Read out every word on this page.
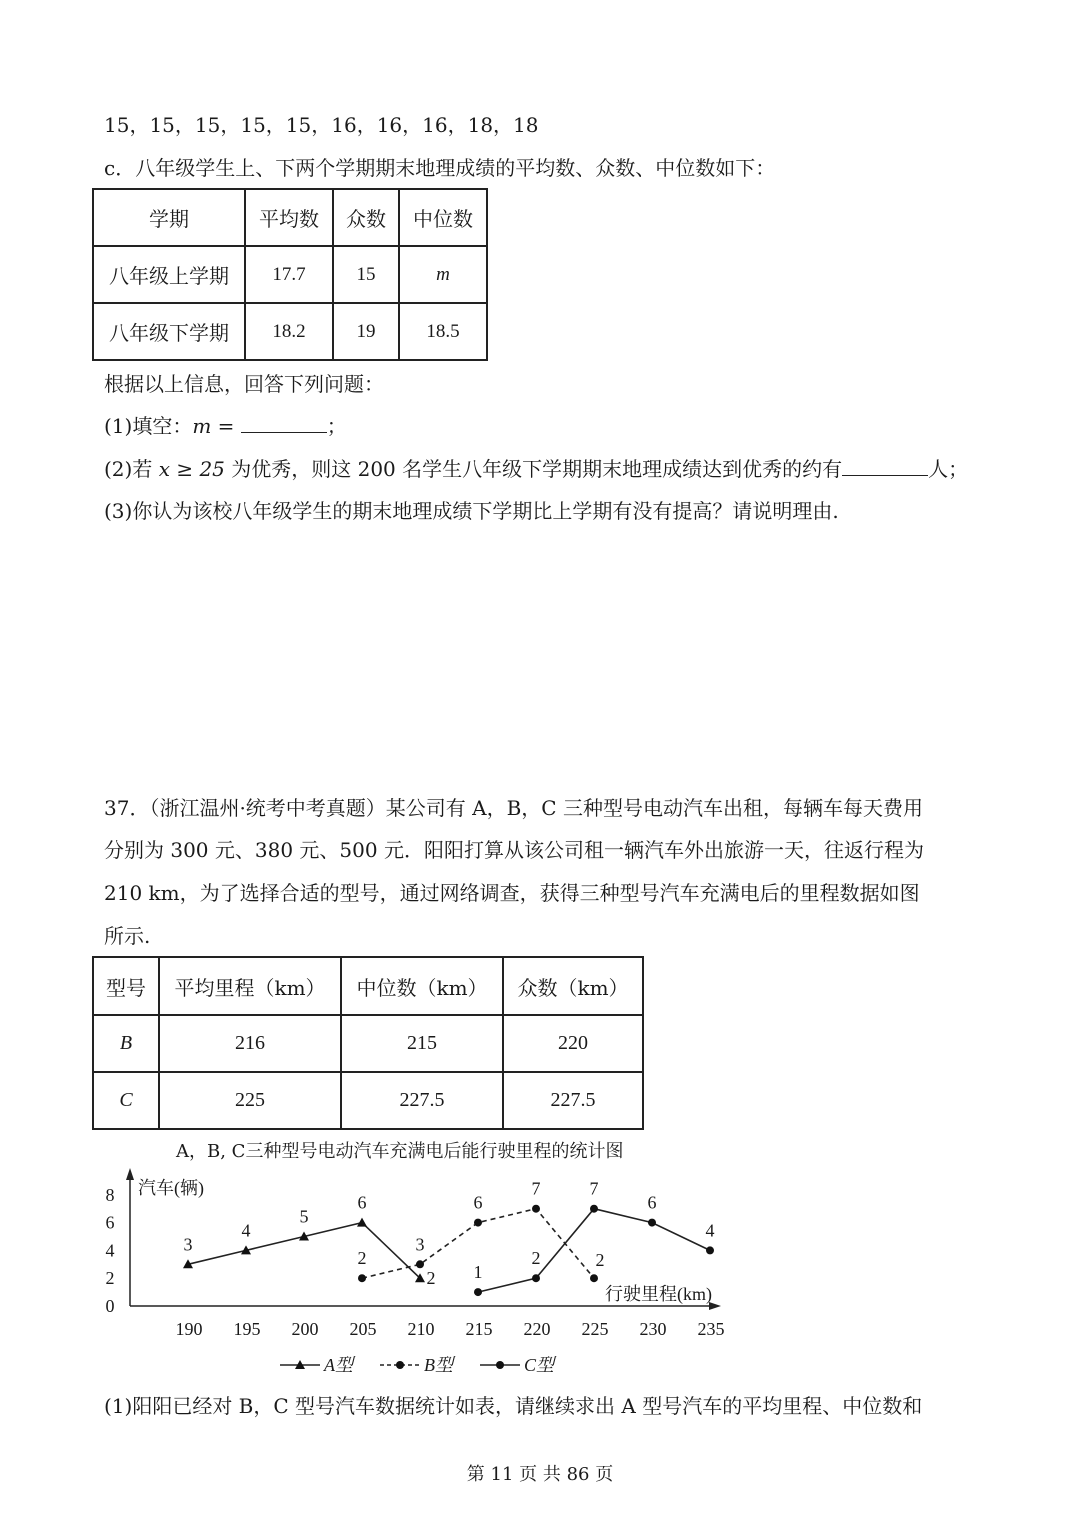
15，15，15，15，15，16，16，16，18，18
c．八年级学生上、下两个学期期末地理成绩的平均数、众数、中位数如下：
学期	平均数	众数	中位数
八年级上学期	17.7	15	m
八年级下学期	18.2	19	18.5
根据以上信息，回答下列问题：
(1)填空：m =	；
(2)若 x ≥ 25 为优秀，则这 200 名学生八年级下学期期末地理成绩达到优秀的约有	人；
(3)你认为该校八年级学生的期末地理成绩下学期比上学期有没有提高？请说明理由.
37．（浙江温州·统考中考真题）某公司有 A，B，C 三种型号电动汽车出租，每辆车每天费用
分别为 300 元、380 元、500 元．阳阳打算从该公司租一辆汽车外出旅游一天，往返行程为
210 km，为了选择合适的型号，通过网络调查，获得三种型号汽车充满电后的里程数据如图
所示.
型号	平均里程（km）	中位数（km）	众数（km）
B	216	215	220
C	225	227.5	227.5
A，B, C三种型号电动汽车充满电后能行驶里程的统计图
0
2
4
6
8
190 195 200 205 210 215 220 225 230 235
汽车(辆)
行驶里程(km)
3
4
5
6
2
2
3
6
7
2
1
2
7
6
4
A型	B型	C型
(1)阳阳已经对 B，C 型号汽车数据统计如表，请继续求出 A 型号汽车的平均里程、中位数和
第 11 页 共 86 页
